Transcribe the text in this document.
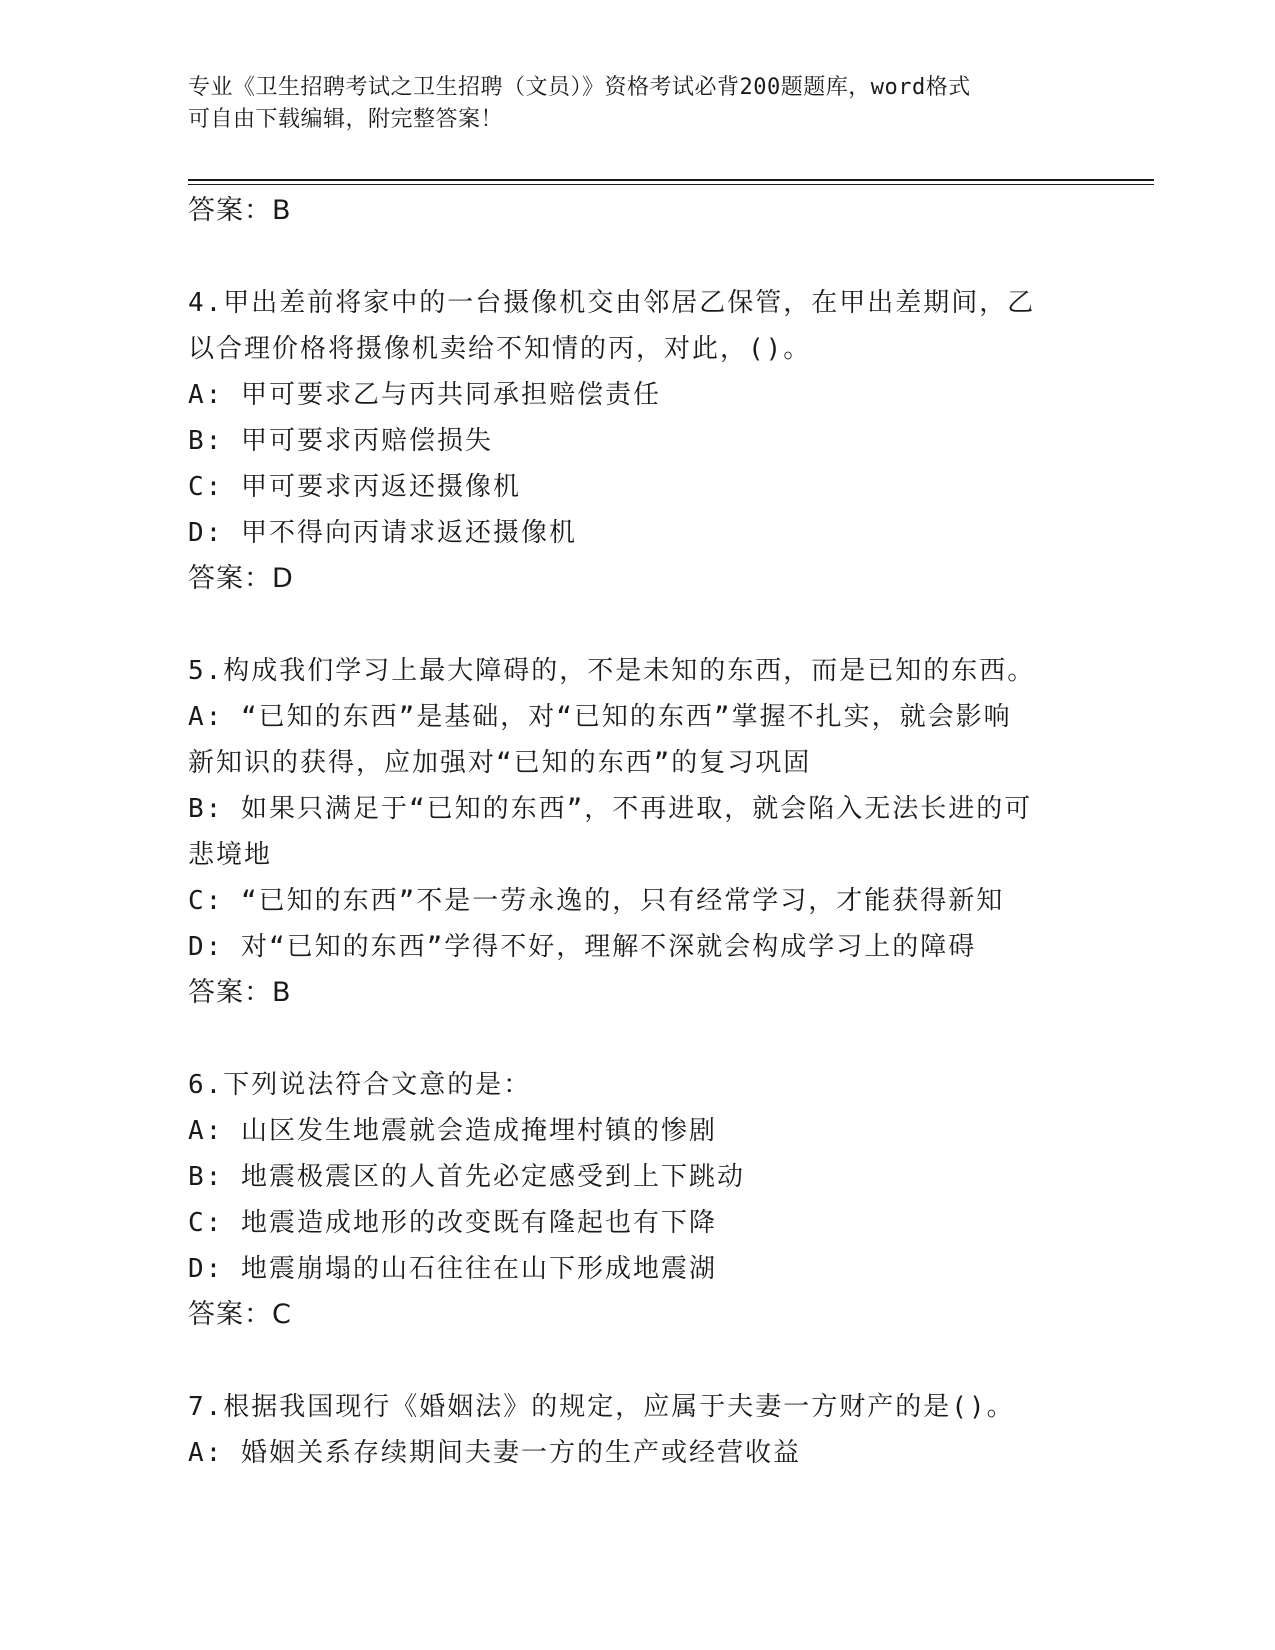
专业《卫生招聘考试之卫生招聘（文员）》资格考试必背200题题库，word格式
可自由下载编辑，附完整答案！
答案：B
4.甲出差前将家中的一台摄像机交由邻居乙保管，在甲出差期间，乙
以合理价格将摄像机卖给不知情的丙，对此，()。
A: 甲可要求乙与丙共同承担赔偿责任
B: 甲可要求丙赔偿损失
C: 甲可要求丙返还摄像机
D: 甲不得向丙请求返还摄像机
答案：D
5.构成我们学习上最大障碍的，不是未知的东西，而是已知的东西。
A: “已知的东西”是基础，对“已知的东西”掌握不扎实，就会影响
新知识的获得，应加强对“已知的东西”的复习巩固
B: 如果只满足于“已知的东西”，不再进取，就会陷入无法长进的可
悲境地
C: “已知的东西”不是一劳永逸的，只有经常学习，才能获得新知
D: 对“已知的东西”学得不好，理解不深就会构成学习上的障碍
答案：B
6.下列说法符合文意的是：
A: 山区发生地震就会造成掩埋村镇的惨剧
B: 地震极震区的人首先必定感受到上下跳动
C: 地震造成地形的改变既有隆起也有下降
D: 地震崩塌的山石往往在山下形成地震湖
答案：C
7.根据我国现行《婚姻法》的规定，应属于夫妻一方财产的是()。
A: 婚姻关系存续期间夫妻一方的生产或经营收益
